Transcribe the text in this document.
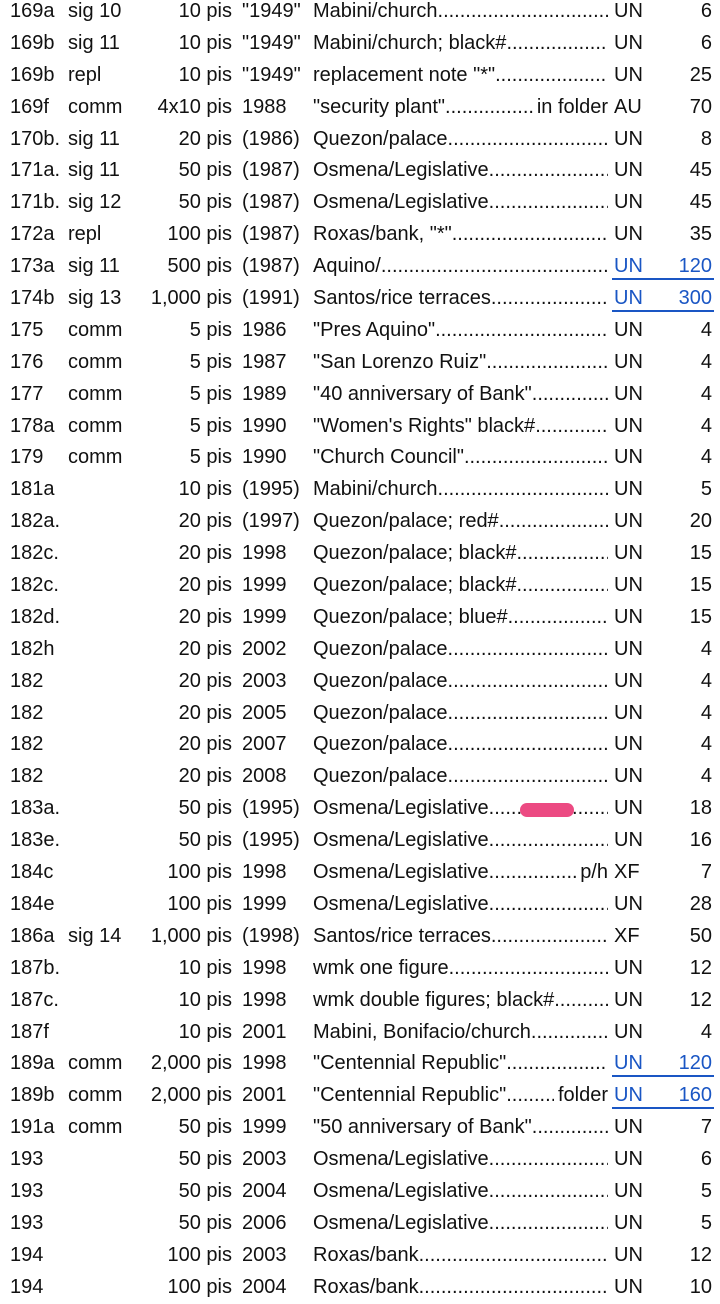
169a sig 10	10 pis "1949" Mabini/church .....	UN	6
169b sig 11	10 pis "1949" Mabini/church; black# .....	UN	6
169b repl	10 pis "1949" replacement note "*" .....	UN 25
169f comm 4x10 pis 1988 "security plant" .....	in folder AU 70
170b. sig 11	20 pis (1986) Quezon/palace .....	UN	8
171a. sig 11	50 pis (1987) Osmena/Legislative .....	UN 45
171b. sig 12	50 pis (1987) Osmena/Legislative .....	UN 45
172a repl	100 pis (1987) Roxas/bank, "*" .....	UN 35
173a sig 11 500 pis (1987) Aquino/ .....	UN 120
174b sig 13 1,000 pis (1991) Santos/rice terraces .....	UN 300
175 comm	5 pis 1986 "Pres Aquino" .....	UN	4
176 comm	5 pis 1987 "San Lorenzo Ruiz" .....	UN	4
177 comm	5 pis 1989 "40 anniversary of Bank" .....	UN	4
178a comm	5 pis 1990 "Women's Rights" black# .....	UN	4
179 comm	5 pis 1990 "Church Council" .....	UN	4
181a	10 pis (1995) Mabini/church .....	UN	5
182a.	20 pis (1997) Quezon/palace; red# .....	UN 20
182c.	20 pis 1998 Quezon/palace; black# .....	UN 15
182c.	20 pis 1999 Quezon/palace; black# .....	UN 15
182d.	20 pis 1999 Quezon/palace; blue# .....	UN 15
182h	20 pis 2002 Quezon/palace .....	UN	4
182	20 pis 2003 Quezon/palace .....	UN	4
182	20 pis 2005 Quezon/palace .....	UN	4
182	20 pis 2007 Quezon/palace .....	UN	4
182	20 pis 2008 Quezon/palace .....	UN	4
183a.	50 pis (1995) Osmena/Legislative .....	UN 18
183e.	50 pis (1995) Osmena/Legislative .....	UN 16
184c	100 pis 1998 Osmena/Legislative .....	p/h XF	7
184e	100 pis 1999 Osmena/Legislative .....	UN 28
186a sig 14 1,000 pis (1998) Santos/rice terraces .....	XF	50
187b.	10 pis 1998 wmk one figure .....	UN 12
187c.	10 pis 1998 wmk double figures; black# .....	UN 12
187f	10 pis 2001 Mabini, Bonifacio/church .....	UN	4
189a comm 2,000 pis 1998 "Centennial Republic" .....	UN 120
189b comm 2,000 pis 2001 "Centennial Republic" .....	folder UN 160
191a comm	50 pis 1999 "50 anniversary of Bank" .....	UN	7
193	50 pis 2003 Osmena/Legislative .....	UN	6
193	50 pis 2004 Osmena/Legislative .....	UN	5
193	50 pis 2006 Osmena/Legislative .....	UN	5
194	100 pis 2003 Roxas/bank .....	UN 12
194	100 pis 2004 Roxas/bank .....	UN 10
